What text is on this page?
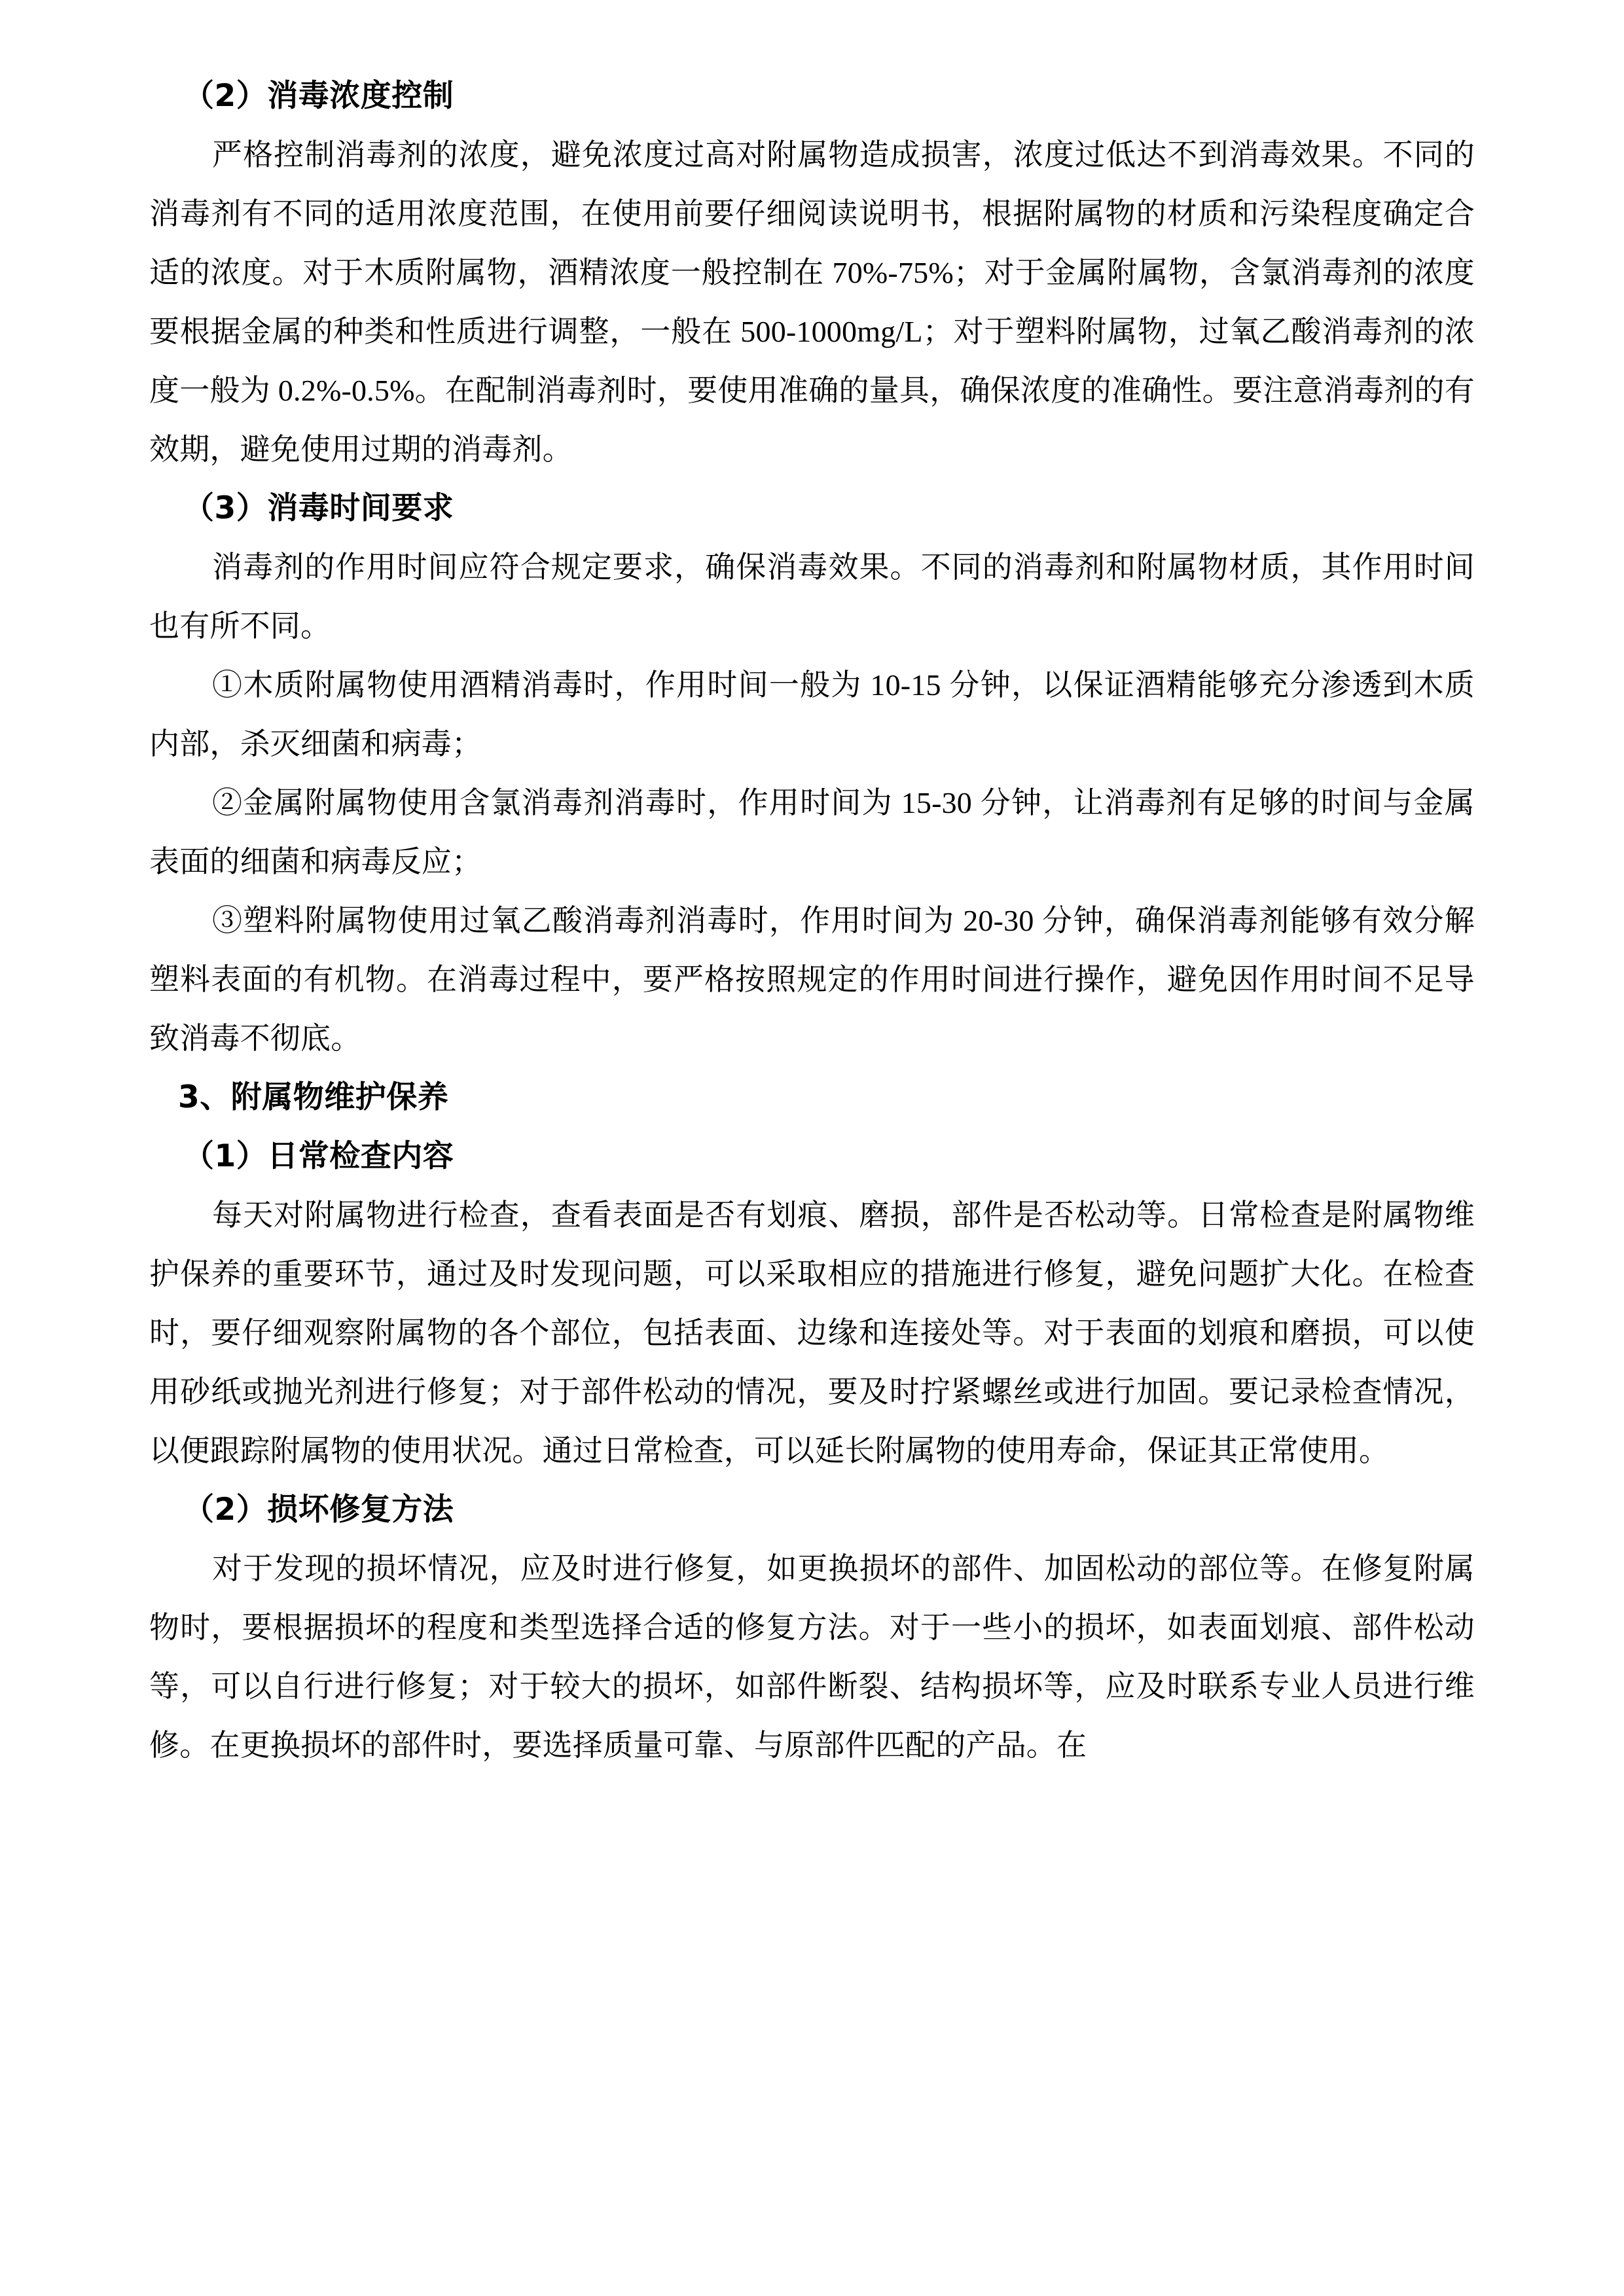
（2）消毒浓度控制

严格控制消毒剂的浓度，避免浓度过高对附属物造成损害，浓度过低达不到消毒效果。不同的消毒剂有不同的适用浓度范围，在使用前要仔细阅读说明书，根据附属物的材质和污染程度确定合适的浓度。对于木质附属物，酒精浓度一般控制在 70%-75%；对于金属附属物，含氯消毒剂的浓度要根据金属的种类和性质进行调整，一般在 500-1000mg/L；对于塑料附属物，过氧乙酸消毒剂的浓度一般为 0.2%-0.5%。在配制消毒剂时，要使用准确的量具，确保浓度的准确性。要注意消毒剂的有效期，避免使用过期的消毒剂。

（3）消毒时间要求

消毒剂的作用时间应符合规定要求，确保消毒效果。不同的消毒剂和附属物材质，其作用时间也有所不同。

①木质附属物使用酒精消毒时，作用时间一般为 10-15 分钟，以保证酒精能够充分渗透到木质内部，杀灭细菌和病毒；

②金属附属物使用含氯消毒剂消毒时，作用时间为 15-30 分钟，让消毒剂有足够的时间与金属表面的细菌和病毒反应；

③塑料附属物使用过氧乙酸消毒剂消毒时，作用时间为 20-30 分钟，确保消毒剂能够有效分解塑料表面的有机物。在消毒过程中，要严格按照规定的作用时间进行操作，避免因作用时间不足导致消毒不彻底。

3、附属物维护保养
（1）日常检查内容

每天对附属物进行检查，查看表面是否有划痕、磨损，部件是否松动等。日常检查是附属物维护保养的重要环节，通过及时发现问题，可以采取相应的措施进行修复，避免问题扩大化。在检查时，要仔细观察附属物的各个部位，包括表面、边缘和连接处等。对于表面的划痕和磨损，可以使用砂纸或抛光剂进行修复；对于部件松动的情况，要及时拧紧螺丝或进行加固。要记录检查情况，以便跟踪附属物的使用状况。通过日常检查，可以延长附属物的使用寿命，保证其正常使用。

（2）损坏修复方法

对于发现的损坏情况，应及时进行修复，如更换损坏的部件、加固松动的部位等。在修复附属物时，要根据损坏的程度和类型选择合适的修复方法。对于一些小的损坏，如表面划痕、部件松动等，可以自行进行修复；对于较大的损坏，如部件断裂、结构损坏等，应及时联系专业人员进行维修。在更换损坏的部件时，要选择质量可靠、与原部件匹配的产品。在
